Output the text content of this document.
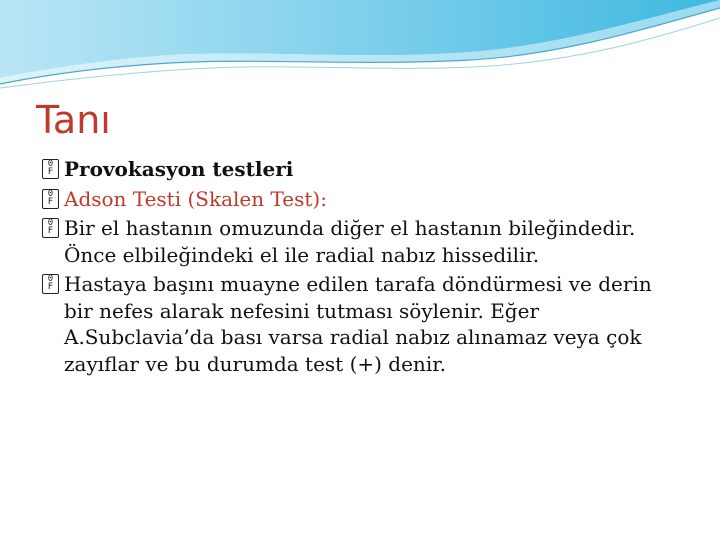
Tanı
0
F Provokasyon testleri
0
F Adson Testi (Skalen Test):
0
F Bir el hastanın omuzunda diğer el hastanın bileğindedir. Önce elbileğindeki el ile radial nabız hissedilir.
0
F Hastaya başını muayne edilen tarafa döndürmesi ve derin bir nefes alarak nefesini tutması söylenir. Eğer A.Subclavia’da bası varsa radial nabız alınamaz veya çok zayıflar ve bu durumda test (+) denir.
